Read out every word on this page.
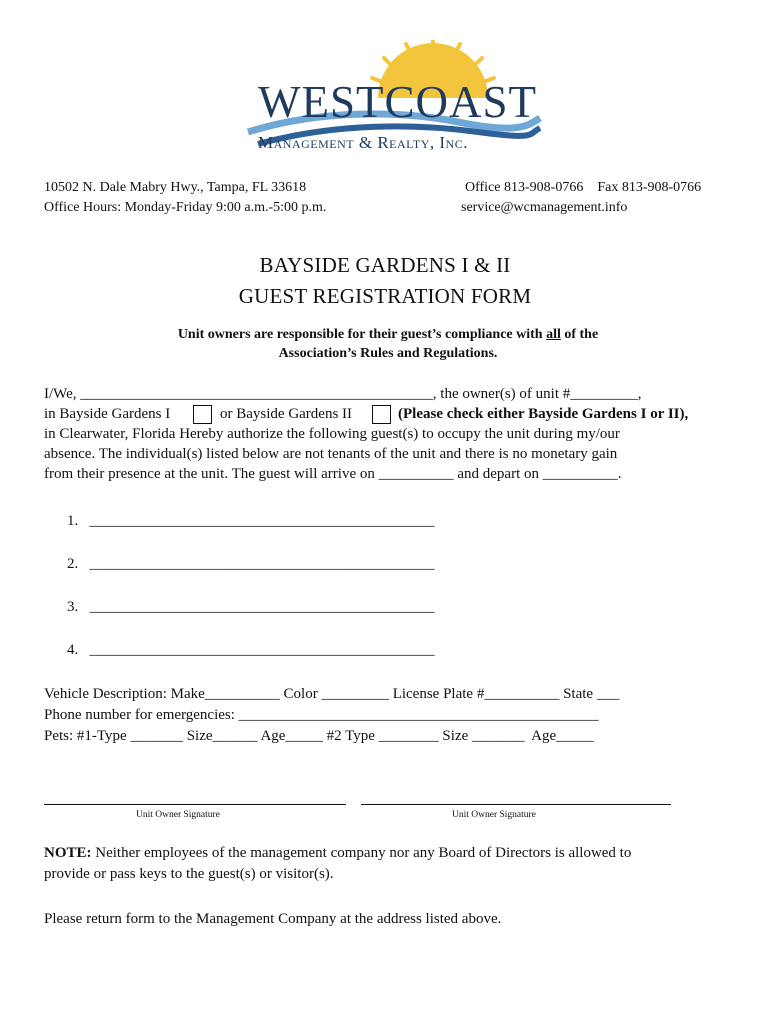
WESTCOAST
Management & Realty, Inc.
10502 N. Dale Mabry Hwy., Tampa, FL 33618
Office Hours: Monday-Friday 9:00 a.m.-5:00 p.m.
Office 813-908-0766    Fax 813-908-0766
service@wcmanagement.info
BAYSIDE GARDENS I & II
GUEST REGISTRATION FORM
Unit owners are responsible for their guest’s compliance with all of the
Association’s Rules and Regulations.
I/We, _______________________________________________, the owner(s) of unit #_________,
in Bayside Gardens I	or Bayside Gardens II	(Please check either Bayside Gardens I or II),
in Clearwater, Florida Hereby authorize the following guest(s) to occupy the unit during my/our
absence. The individual(s) listed below are not tenants of the unit and there is no monetary gain
from their presence at the unit. The guest will arrive on __________ and depart on __________.
1.   ______________________________________________
2.   ______________________________________________
3.   ______________________________________________
4.   ______________________________________________
Vehicle Description: Make__________ Color _________ License Plate #__________ State ___
Phone number for emergencies: ________________________________________________
Pets: #1-Type _______ Size______ Age_____ #2 Type ________ Size _______  Age_____
Unit Owner Signature	Unit Owner Signature
NOTE: Neither employees of the management company nor any Board of Directors is allowed to
provide or pass keys to the guest(s) or visitor(s).
Please return form to the Management Company at the address listed above.
